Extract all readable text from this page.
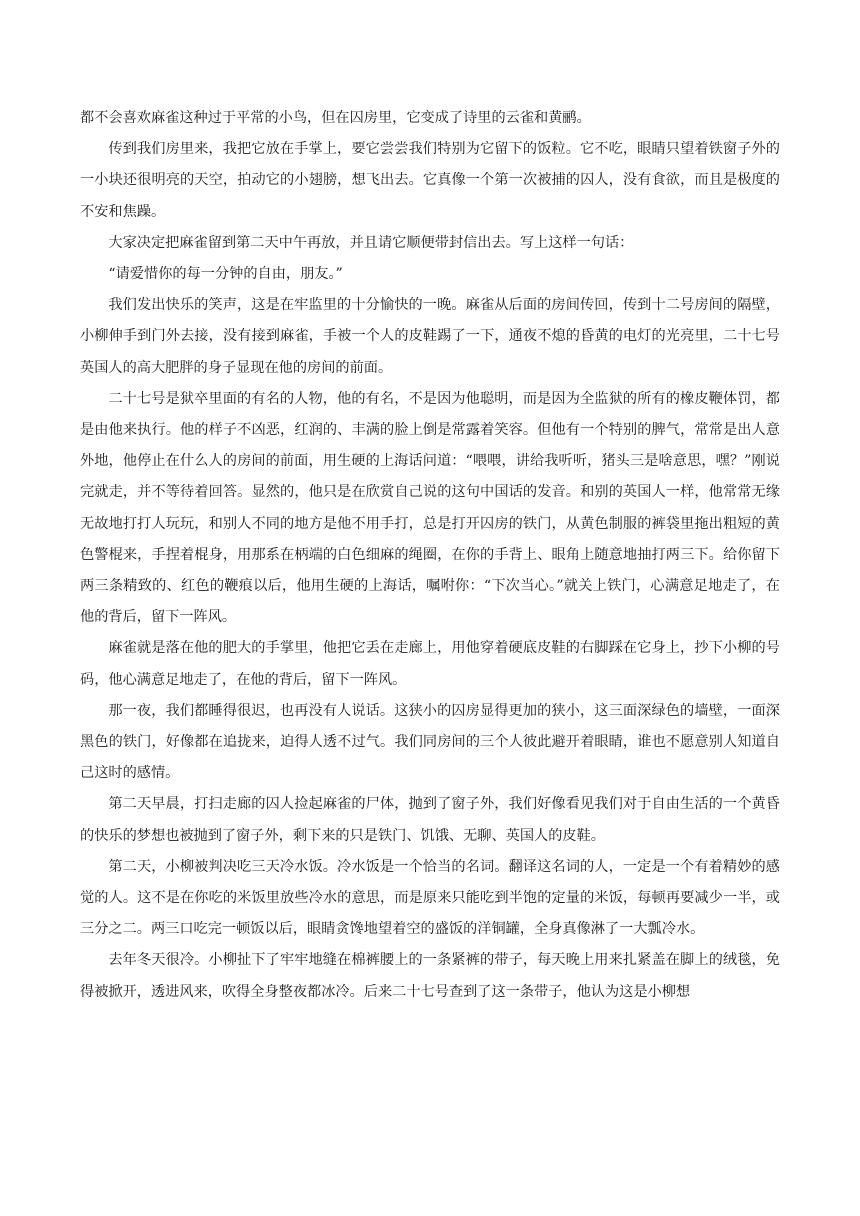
都不会喜欢麻雀这种过于平常的小鸟，但在囚房里，它变成了诗里的云雀和黄鹂。

传到我们房里来，我把它放在手掌上，要它尝尝我们特别为它留下的饭粒。它不吃，眼睛只望着铁窗子外的一小块还很明亮的天空，拍动它的小翅膀，想飞出去。它真像一个第一次被捕的囚人，没有食欲，而且是极度的不安和焦躁。

大家决定把麻雀留到第二天中午再放，并且请它顺便带封信出去。写上这样一句话：

“请爱惜你的每一分钟的自由，朋友。”

我们发出快乐的笑声，这是在牢监里的十分愉快的一晚。麻雀从后面的房间传回，传到十二号房间的隔壁，小柳伸手到门外去接，没有接到麻雀，手被一个人的皮鞋踢了一下，通夜不熄的昏黄的电灯的光亮里，二十七号英国人的高大肥胖的身子显现在他的房间的前面。

二十七号是狱卒里面的有名的人物，他的有名，不是因为他聪明，而是因为全监狱的所有的橡皮鞭体罚，都是由他来执行。他的样子不凶恶，红润的、丰满的脸上倒是常露着笑容。但他有一个特别的脾气，常常是出人意外地，他停止在什么人的房间的前面，用生硬的上海话问道：“喂喂，讲给我听听，猪头三是啥意思，嘿？”刚说完就走，并不等待着回答。显然的，他只是在欣赏自己说的这句中国话的发音。和别的英国人一样，他常常无缘无故地打打人玩玩，和别人不同的地方是他不用手打，总是打开囚房的铁门，从黄色制服的裤袋里拖出粗短的黄色警棍来，手捏着棍身，用那系在柄端的白色细麻的绳圈，在你的手背上、眼角上随意地抽打两三下。给你留下两三条精致的、红色的鞭痕以后，他用生硬的上海话，嘱咐你：“下次当心。”就关上铁门，心满意足地走了，在他的背后，留下一阵风。

麻雀就是落在他的肥大的手掌里，他把它丢在走廊上，用他穿着硬底皮鞋的右脚踩在它身上，抄下小柳的号码，他心满意足地走了，在他的背后，留下一阵风。

那一夜，我们都睡得很迟，也再没有人说话。这狭小的囚房显得更加的狭小，这三面深绿色的墙壁，一面深黑色的铁门，好像都在追拢来，迫得人透不过气。我们同房间的三个人彼此避开着眼睛，谁也不愿意别人知道自己这时的感情。

第二天早晨，打扫走廊的囚人捡起麻雀的尸体，抛到了窗子外，我们好像看见我们对于自由生活的一个黄昏的快乐的梦想也被抛到了窗子外，剩下来的只是铁门、饥饿、无聊、英国人的皮鞋。

第二天，小柳被判决吃三天冷水饭。冷水饭是一个恰当的名词。翻译这名词的人，一定是一个有着精妙的感觉的人。这不是在你吃的米饭里放些冷水的意思，而是原来只能吃到半饱的定量的米饭，每顿再要减少一半，或三分之二。两三口吃完一顿饭以后，眼睛贪馋地望着空的盛饭的洋铜罐，全身真像淋了一大瓢冷水。

去年冬天很冷。小柳扯下了牢牢地缝在棉裤腰上的一条紧裤的带子，每天晚上用来扎紧盖在脚上的绒毯，免得被掀开，透进风来，吹得全身整夜都冰冷。后来二十七号查到了这一条带子，他认为这是小柳想
